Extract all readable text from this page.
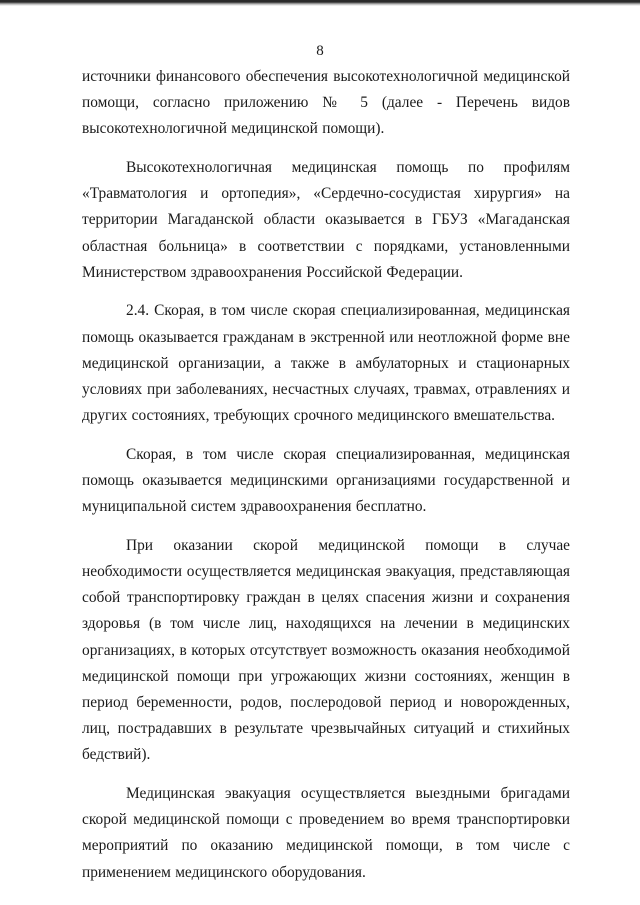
8

источники финансового обеспечения высокотехнологичной медицинской помощи, согласно приложению № 5 (далее - Перечень видов высокотехнологичной медицинской помощи).

Высокотехнологичная медицинская помощь по профилям «Травматология и ортопедия», «Сердечно-сосудистая хирургия» на территории Магаданской области оказывается в ГБУЗ «Магаданская областная больница» в соответствии с порядками, установленными Министерством здравоохранения Российской Федерации.

2.4. Скорая, в том числе скорая специализированная, медицинская помощь оказывается гражданам в экстренной или неотложной форме вне медицинской организации, а также в амбулаторных и стационарных условиях при заболеваниях, несчастных случаях, травмах, отравлениях и других состояниях, требующих срочного медицинского вмешательства.

Скорая, в том числе скорая специализированная, медицинская помощь оказывается медицинскими организациями государственной и муниципальной систем здравоохранения бесплатно.

При оказании скорой медицинской помощи в случае необходимости осуществляется медицинская эвакуация, представляющая собой транспортировку граждан в целях спасения жизни и сохранения здоровья (в том числе лиц, находящихся на лечении в медицинских организациях, в которых отсутствует возможность оказания необходимой медицинской помощи при угрожающих жизни состояниях, женщин в период беременности, родов, послеродовой период и новорожденных, лиц, пострадавших в результате чрезвычайных ситуаций и стихийных бедствий).

Медицинская эвакуация осуществляется выездными бригадами скорой медицинской помощи с проведением во время транспортировки мероприятий по оказанию медицинской помощи, в том числе с применением медицинского оборудования.
